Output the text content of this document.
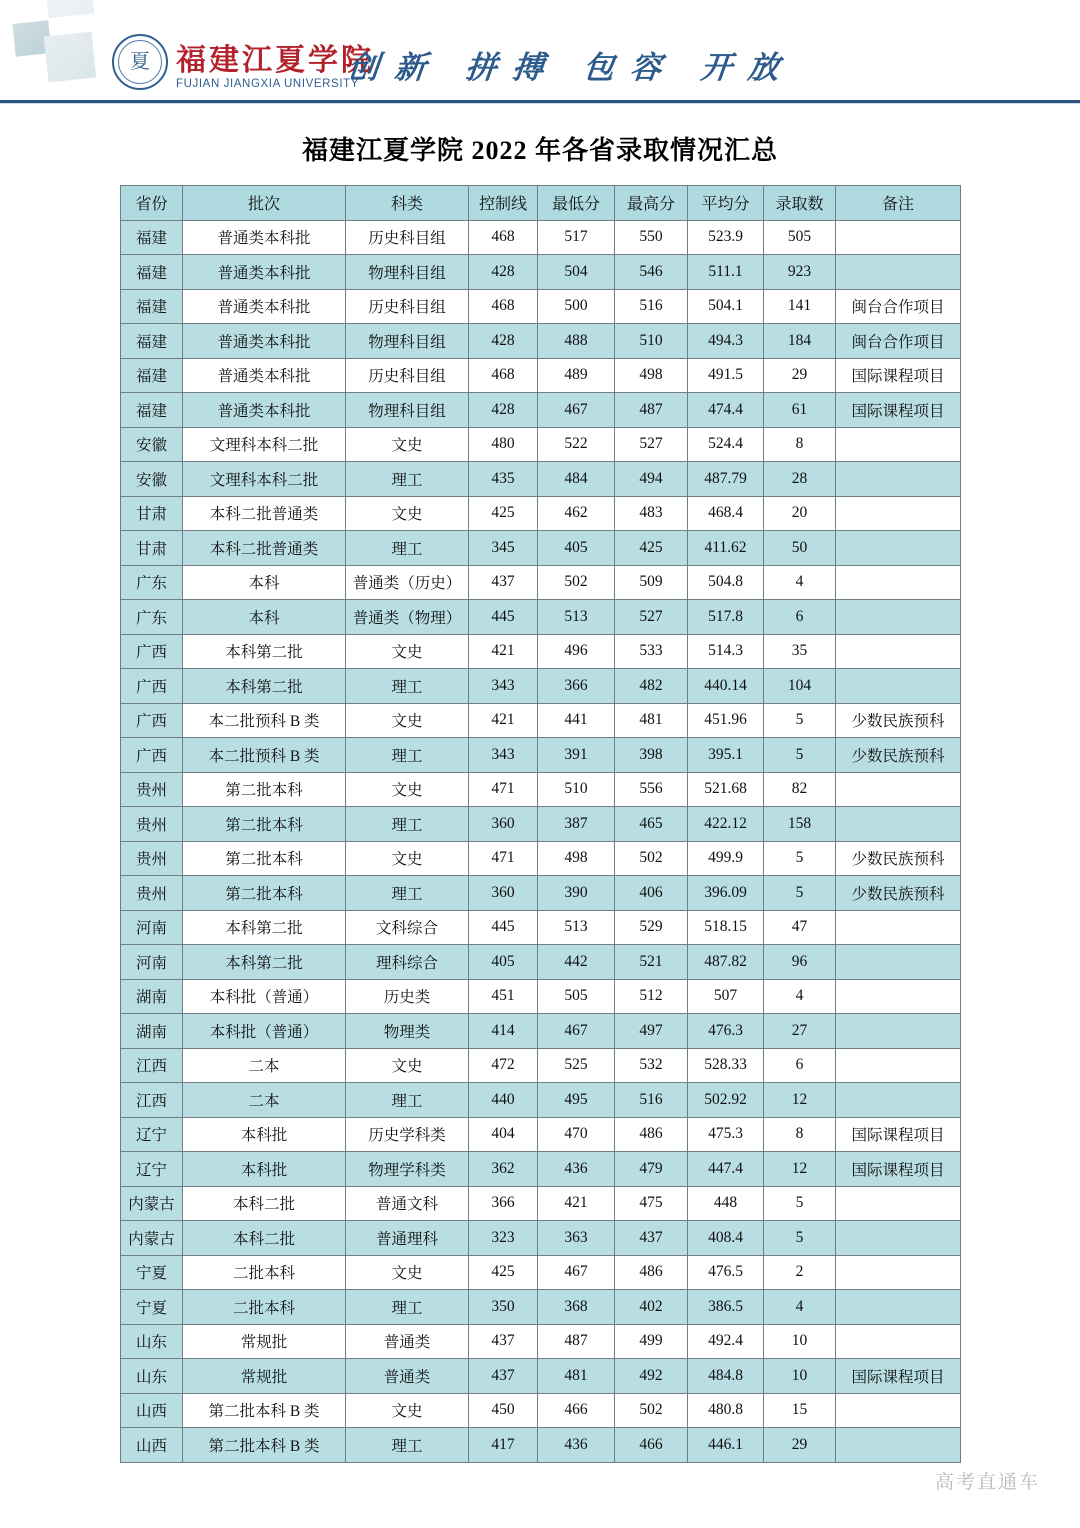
夏 福建江夏学院
FUJIAN JIANGXIA UNIVERSITY
创新 拼搏 包容 开放
福建江夏学院 2022 年各省录取情况汇总
省份	批次	科类	控制线	最低分	最高分	平均分	录取数	备注
福建	普通类本科批	历史科目组	468	517	550	523.9	505	
福建	普通类本科批	物理科目组	428	504	546	511.1	923	
福建	普通类本科批	历史科目组	468	500	516	504.1	141	闽台合作项目
福建	普通类本科批	物理科目组	428	488	510	494.3	184	闽台合作项目
福建	普通类本科批	历史科目组	468	489	498	491.5	29	国际课程项目
福建	普通类本科批	物理科目组	428	467	487	474.4	61	国际课程项目
安徽	文理科本科二批	文史	480	522	527	524.4	8	
安徽	文理科本科二批	理工	435	484	494	487.79	28	
甘肃	本科二批普通类	文史	425	462	483	468.4	20	
甘肃	本科二批普通类	理工	345	405	425	411.62	50	
广东	本科	普通类（历史）	437	502	509	504.8	4	
广东	本科	普通类（物理）	445	513	527	517.8	6	
广西	本科第二批	文史	421	496	533	514.3	35	
广西	本科第二批	理工	343	366	482	440.14	104	
广西	本二批预科 B 类	文史	421	441	481	451.96	5	少数民族预科
广西	本二批预科 B 类	理工	343	391	398	395.1	5	少数民族预科
贵州	第二批本科	文史	471	510	556	521.68	82	
贵州	第二批本科	理工	360	387	465	422.12	158	
贵州	第二批本科	文史	471	498	502	499.9	5	少数民族预科
贵州	第二批本科	理工	360	390	406	396.09	5	少数民族预科
河南	本科第二批	文科综合	445	513	529	518.15	47	
河南	本科第二批	理科综合	405	442	521	487.82	96	
湖南	本科批（普通）	历史类	451	505	512	507	4	
湖南	本科批（普通）	物理类	414	467	497	476.3	27	
江西	二本	文史	472	525	532	528.33	6	
江西	二本	理工	440	495	516	502.92	12	
辽宁	本科批	历史学科类	404	470	486	475.3	8	国际课程项目
辽宁	本科批	物理学科类	362	436	479	447.4	12	国际课程项目
内蒙古	本科二批	普通文科	366	421	475	448	5	
内蒙古	本科二批	普通理科	323	363	437	408.4	5	
宁夏	二批本科	文史	425	467	486	476.5	2	
宁夏	二批本科	理工	350	368	402	386.5	4	
山东	常规批	普通类	437	487	499	492.4	10	
山东	常规批	普通类	437	481	492	484.8	10	国际课程项目
山西	第二批本科 B 类	文史	450	466	502	480.8	15	
山西	第二批本科 B 类	理工	417	436	466	446.1	29	
高考直通车
